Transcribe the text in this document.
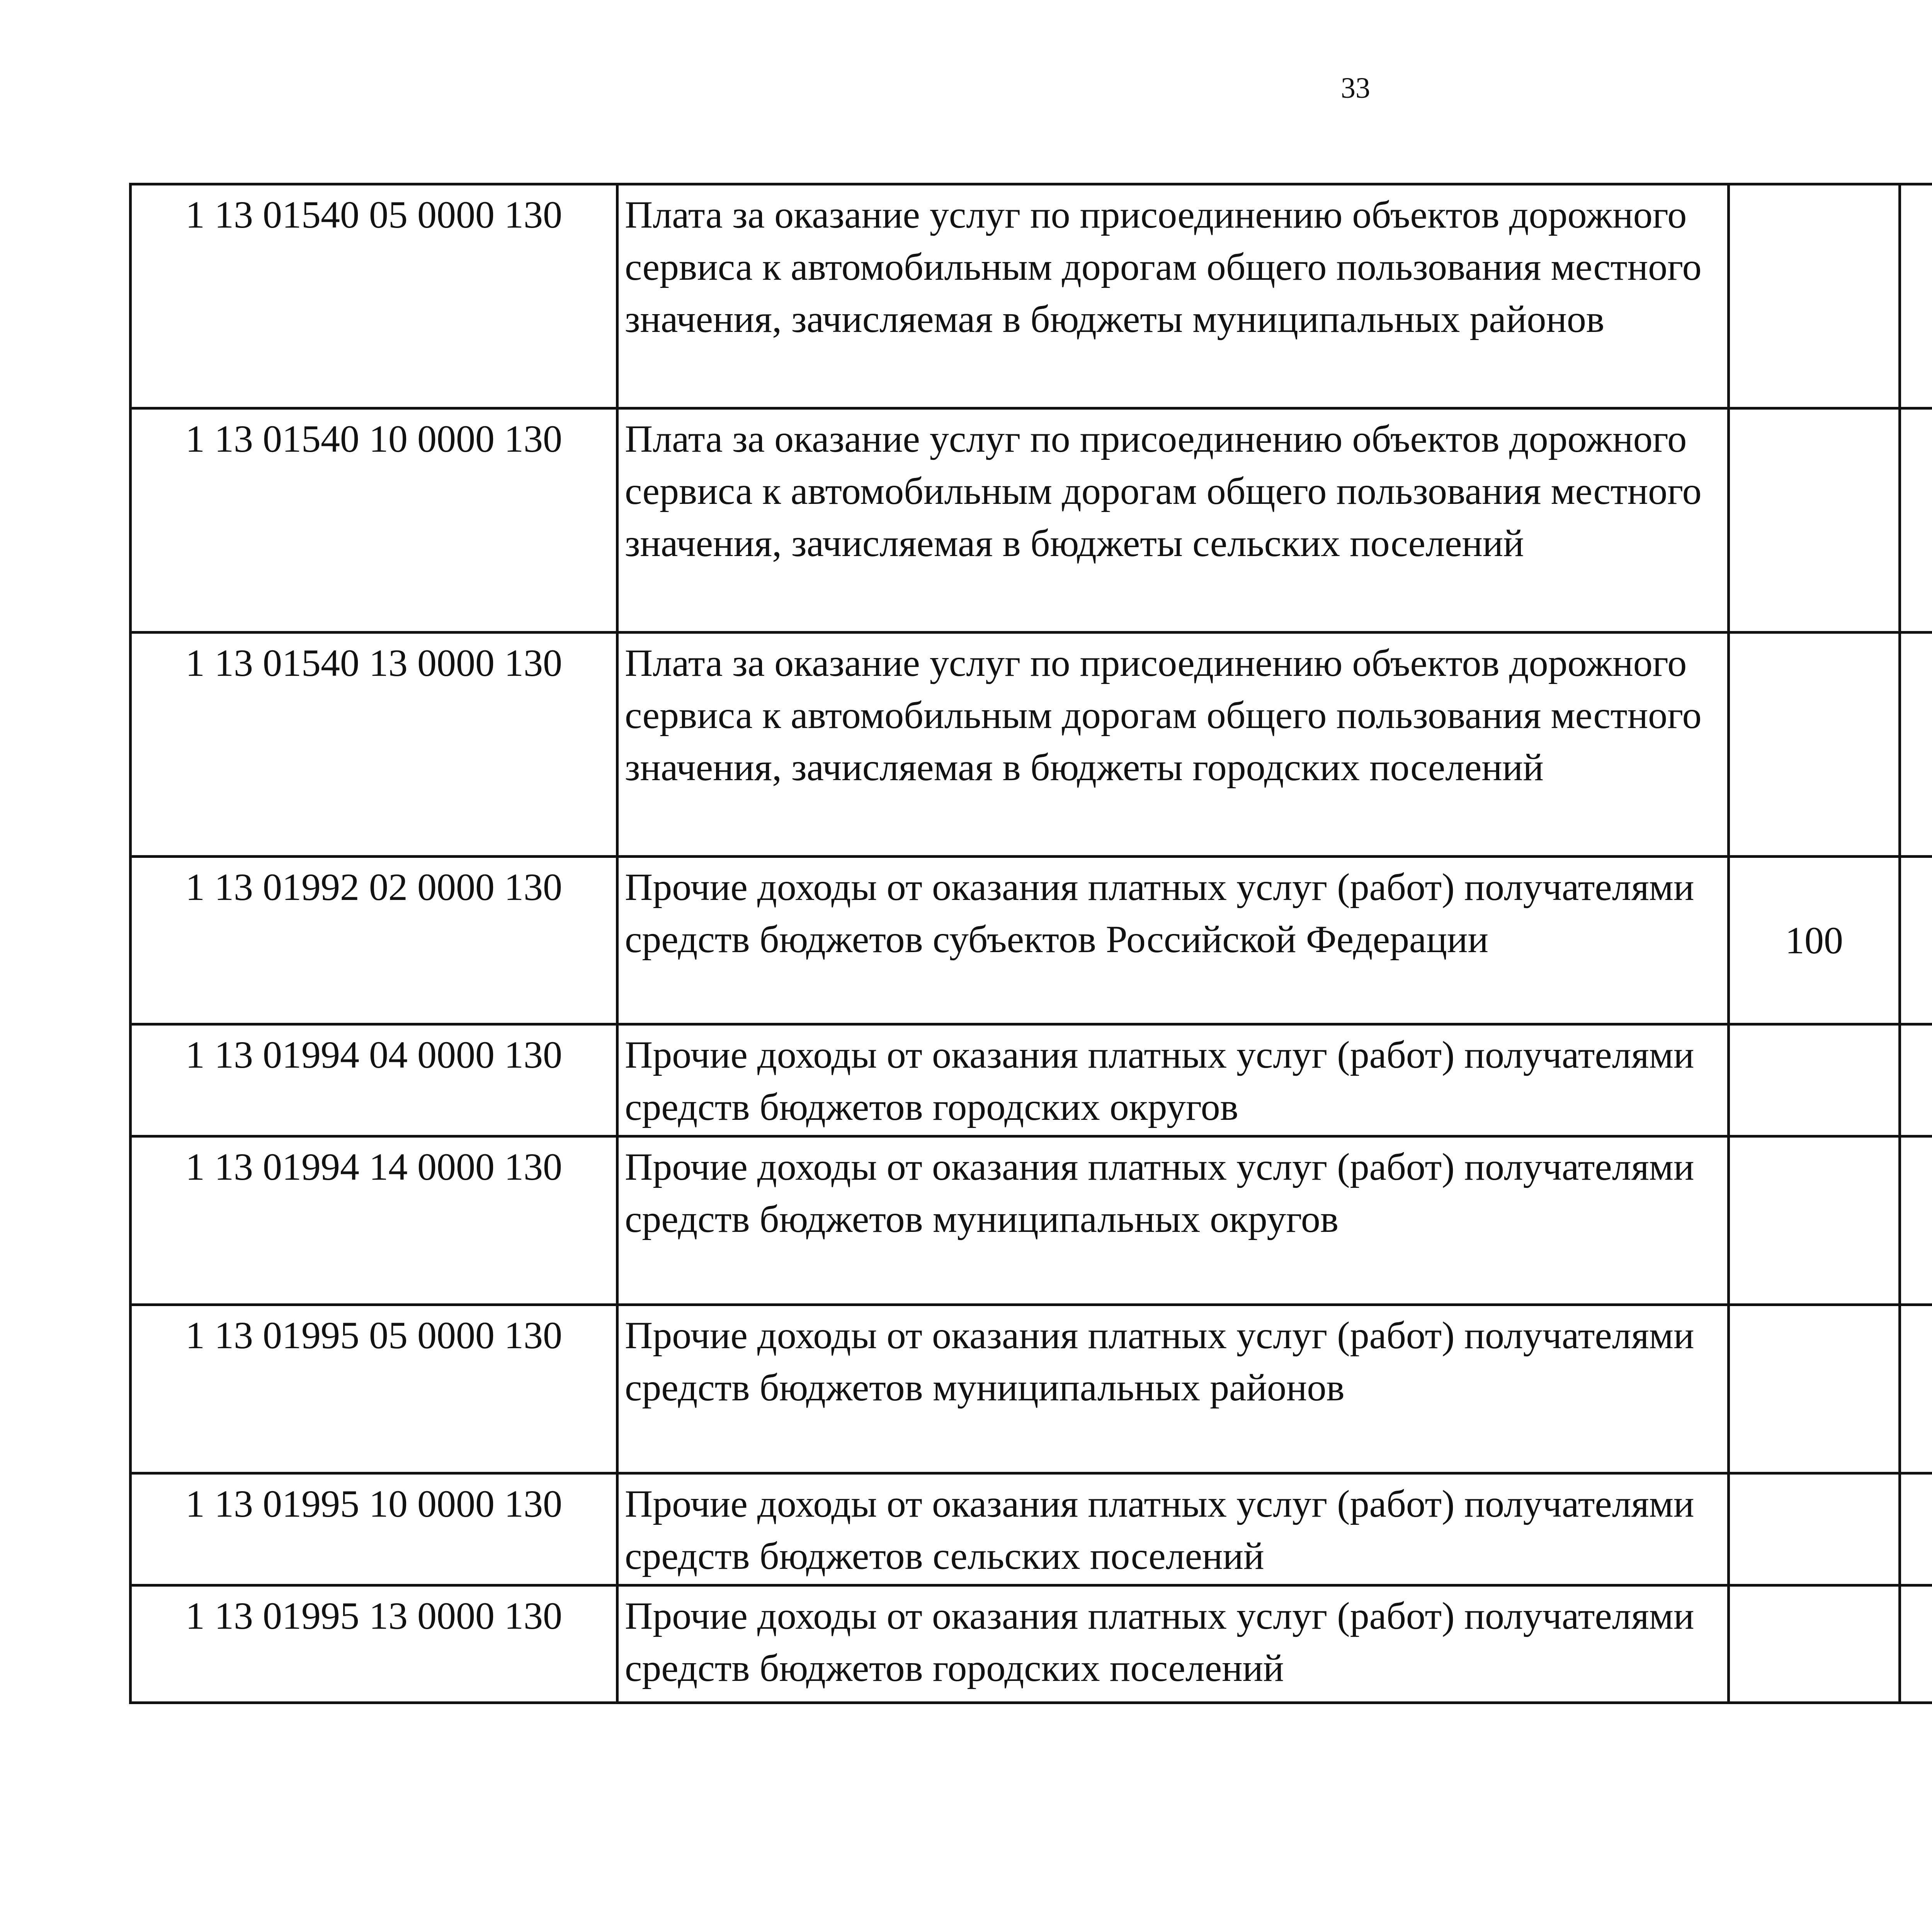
33
1 13 01540 05 0000 130	Плата за оказание услуг по присоединению объектов дорожного сервиса к автомобильным дорогам общего пользования местного значения, зачисляемая в бюджеты муниципальных районов					
1 13 01540 10 0000 130	Плата за оказание услуг по присоединению объектов дорожного сервиса к автомобильным дорогам общего пользования местного значения, зачисляемая в бюджеты сельских поселений					
1 13 01540 13 0000 130	Плата за оказание услуг по присоединению объектов дорожного сервиса к автомобильным дорогам общего пользования местного значения, зачисляемая в бюджеты городских поселений					
1 13 01992 02 0000 130	Прочие доходы от оказания платных услуг (работ) получателями средств бюджетов субъектов Российской Федерации	100				
1 13 01994 04 0000 130	Прочие доходы от оказания платных услуг (работ) получателями средств бюджетов городских округов					
1 13 01994 14 0000 130	Прочие доходы от оказания платных услуг (работ) получателями средств бюджетов муниципальных округов					
1 13 01995 05 0000 130	Прочие доходы от оказания платных услуг (работ) получателями средств бюджетов муниципальных районов					
1 13 01995 10 0000 130	Прочие доходы от оказания платных услуг (работ) получателями средств бюджетов сельских поселений					
1 13 01995 13 0000 130	Прочие доходы от оказания платных услуг (работ) получателями средств бюджетов городских поселений					
